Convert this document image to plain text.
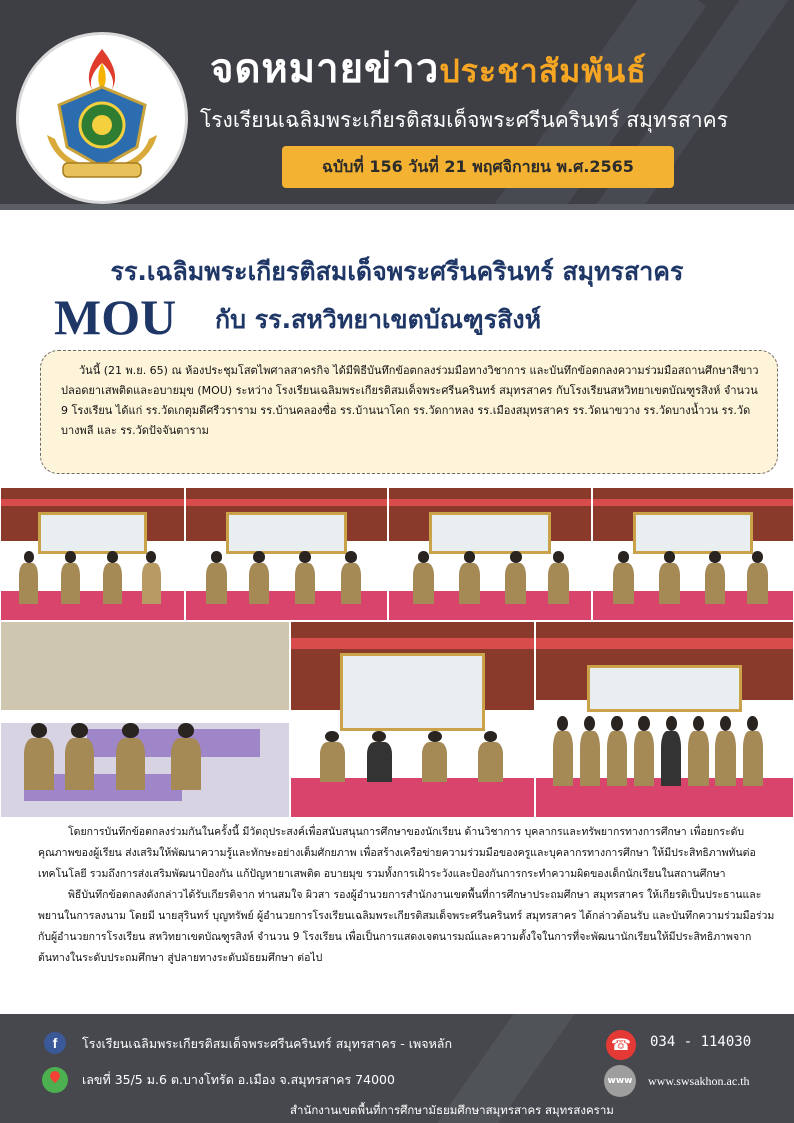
จดหมายข่าวประชาสัมพันธ์
โรงเรียนเฉลิมพระเกียรติสมเด็จพระศรีนครินทร์ สมุทรสาคร
ฉบับที่ 156 วันที่ 21 พฤศจิกายน พ.ศ.2565
รร.เฉลิมพระเกียรติสมเด็จพระศรีนครินทร์ สมุทรสาคร
MOU กับ รร.สหวิทยาเขตบัณฑูรสิงห์
วันนี้ (21 พ.ย. 65) ณ ห้องประชุมโสตไพศาลสาครกิจ ได้มีพิธีบันทึกข้อตกลงร่วมมือทางวิชาการ และบันทึกข้อตกลงความร่วมมือสถานศึกษาสีขาว ปลอดยาเสพติดและอบายมุข (MOU) ระหว่าง โรงเรียนเฉลิมพระเกียรติสมเด็จพระศรีนครินทร์ สมุทรสาคร กับโรงเรียนสหวิทยาเขตบัณฑูรสิงห์ จำนวน 9 โรงเรียน ได้แก่ รร.วัดเกตุมดีศรีวราราม รร.บ้านคลองซื่อ รร.บ้านนาโคก รร.วัดกาหลง รร.เมืองสมุทรสาคร รร.วัดนาขวาง รร.วัดบางน้ำวน รร.วัดบางพลี และ รร.วัดปัจจันตาราม

โดยการบันทึกข้อตกลงร่วมกันในครั้งนี้ มีวัตถุประสงค์เพื่อสนับสนุนการศึกษาของนักเรียน ด้านวิชาการ บุคลากรและทรัพยากรทางการศึกษา เพื่อยกระดับคุณภาพของผู้เรียน ส่งเสริมให้พัฒนาความรู้และทักษะอย่างเต็มศักยภาพ เพื่อสร้างเครือข่ายความร่วมมือของครูและบุคลากรทางการศึกษา ให้มีประสิทธิภาพทันต่อเทคโนโลยี รวมถึงการส่งเสริมพัฒนาป้องกัน แก้ปัญหายาเสพติด อบายมุข รวมทั้งการเฝ้าระวังและป้องกันการกระทำความผิดของเด็กนักเรียนในสถานศึกษา

พิธีบันทึกข้อตกลงดังกล่าวได้รับเกียรติจาก ท่านสมใจ ผิวสา รองผู้อำนวยการสำนักงานเขตพื้นที่การศึกษาประถมศึกษา สมุทรสาคร ให้เกียรติเป็นประธานและพยานในการลงนาม โดยมี นายสุรินทร์ บุญทรัพย์ ผู้อำนวยการโรงเรียนเฉลิมพระเกียรติสมเด็จพระศรีนครินทร์ สมุทรสาคร ได้กล่าวต้อนรับ และบันทึกความร่วมมือร่วมกับผู้อำนวยการโรงเรียน สหวิทยาเขตบัณฑูรสิงห์ จำนวน 9 โรงเรียน เพื่อเป็นการแสดงเจตนารมณ์และความตั้งใจในการที่จะพัฒนานักเรียนให้มีประสิทธิภาพจากต้นทางในระดับประถมศึกษา สู่ปลายทางระดับมัธยมศึกษา ต่อไป

f	โรงเรียนเฉลิมพระเกียรติสมเด็จพระศรีนครินทร์ สมุทรสาคร - เพจหลัก
เลขที่ 35/5 ม.6 ต.บางโทรัด อ.เมือง จ.สมุทรสาคร 74000
☎	034 - 114030
www www.swsakhon.ac.th
สำนักงานเขตพื้นที่การศึกษามัธยมศึกษาสมุทรสาคร สมุทรสงคราม
